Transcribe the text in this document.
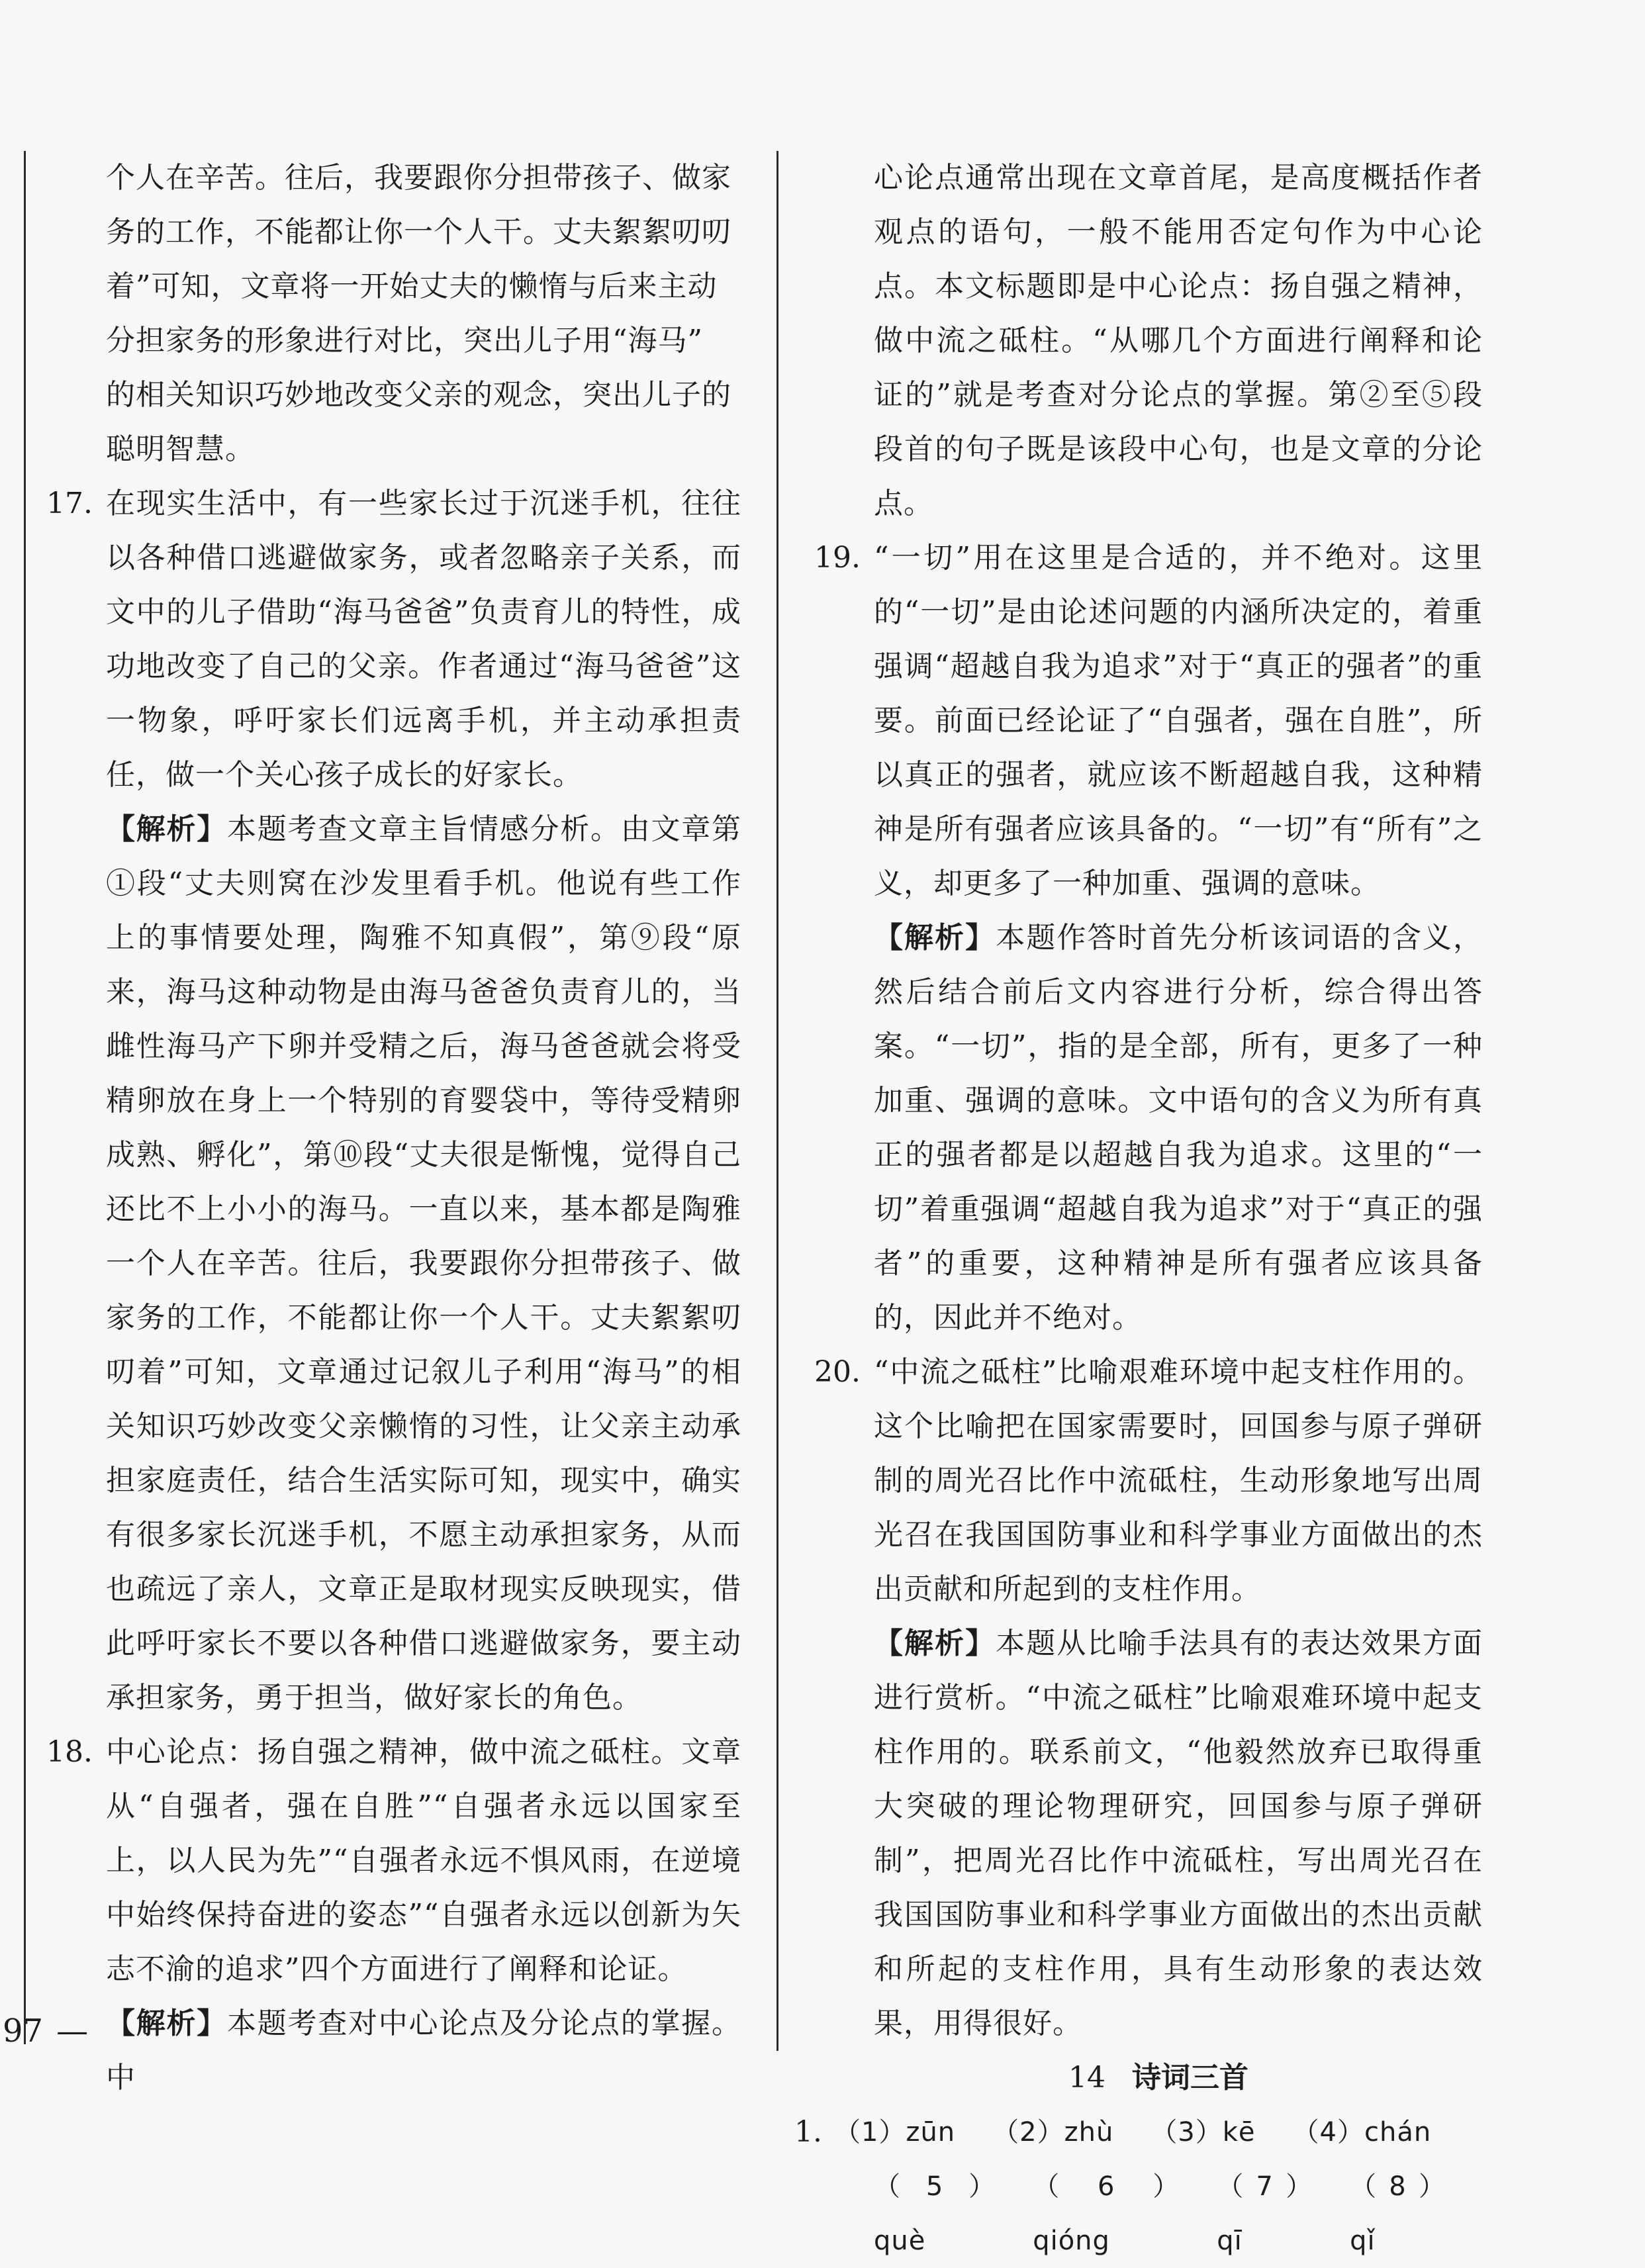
个人在辛苦。往后，我要跟你分担带孩子、做家
务的工作，不能都让你一个人干。丈夫絮絮叨叨
着”可知，文章将一开始丈夫的懒惰与后来主动
分担家务的形象进行对比，突出儿子用“海马”
的相关知识巧妙地改变父亲的观念，突出儿子的
聪明智慧。
17. 在现实生活中，有一些家长过于沉迷手机，往往以各种借口逃避做家务，或者忽略亲子关系，而文中的儿子借助“海马爸爸”负责育儿的特性，成功地改变了自己的父亲。作者通过“海马爸爸”这一物象，呼吁家长们远离手机，并主动承担责任，做一个关心孩子成长的好家长。
【解析】本题考查文章主旨情感分析。由文章第①段“丈夫则窝在沙发里看手机。他说有些工作上的事情要处理，陶雅不知真假”，第⑨段“原来，海马这种动物是由海马爸爸负责育儿的，当雌性海马产下卵并受精之后，海马爸爸就会将受精卵放在身上一个特别的育婴袋中，等待受精卵成熟、孵化”，第⑩段“丈夫很是惭愧，觉得自己还比不上小小的海马。一直以来，基本都是陶雅一个人在辛苦。往后，我要跟你分担带孩子、做家务的工作，不能都让你一个人干。丈夫絮絮叨叨着”可知，文章通过记叙儿子利用“海马”的相关知识巧妙改变父亲懒惰的习性，让父亲主动承担家庭责任，结合生活实际可知，现实中，确实有很多家长沉迷手机，不愿主动承担家务，从而也疏远了亲人，文章正是取材现实反映现实，借此呼吁家长不要以各种借口逃避做家务，要主动承担家务，勇于担当，做好家长的角色。
18. 中心论点：扬自强之精神，做中流之砥柱。文章从“自强者，强在自胜”“自强者永远以国家至上，以人民为先”“自强者永远不惧风雨，在逆境中始终保持奋进的姿态”“自强者永远以创新为矢志不渝的追求”四个方面进行了阐释和论证。
【解析】本题考查对中心论点及分论点的掌握。中
心论点通常出现在文章首尾，是高度概括作者观点的语句，一般不能用否定句作为中心论点。本文标题即是中心论点：扬自强之精神，做中流之砥柱。“从哪几个方面进行阐释和论证的”就是考查对分论点的掌握。第②至⑤段段首的句子既是该段中心句，也是文章的分论点。
19. “一切”用在这里是合适的，并不绝对。这里的“一切”是由论述问题的内涵所决定的，着重强调“超越自我为追求”对于“真正的强者”的重要。前面已经论证了“自强者，强在自胜”，所以真正的强者，就应该不断超越自我，这种精神是所有强者应该具备的。“一切”有“所有”之义，却更多了一种加重、强调的意味。
【解析】本题作答时首先分析该词语的含义，然后结合前后文内容进行分析，综合得出答案。“一切”，指的是全部，所有，更多了一种加重、强调的意味。文中语句的含义为所有真正的强者都是以超越自我为追求。这里的“一切”着重强调“超越自我为追求”对于“真正的强者”的重要，这种精神是所有强者应该具备的，因此并不绝对。
20. “中流之砥柱”比喻艰难环境中起支柱作用的。这个比喻把在国家需要时，回国参与原子弹研制的周光召比作中流砥柱，生动形象地写出周光召在我国国防事业和科学事业方面做出的杰出贡献和所起到的支柱作用。
【解析】本题从比喻手法具有的表达效果方面进行赏析。“中流之砥柱”比喻艰难环境中起支柱作用的。联系前文，“他毅然放弃已取得重大突破的理论物理研究，回国参与原子弹研制”，把周光召比作中流砥柱，写出周光召在我国国防事业和科学事业方面做出的杰出贡献和所起的支柱作用，具有生动形象的表达效果，用得很好。
14 诗词三首
1. （1）zūn （2）zhù （3）kē （4）chán
（5）què
（6）qióng
（7）qī
（8）qǐ
97 —
